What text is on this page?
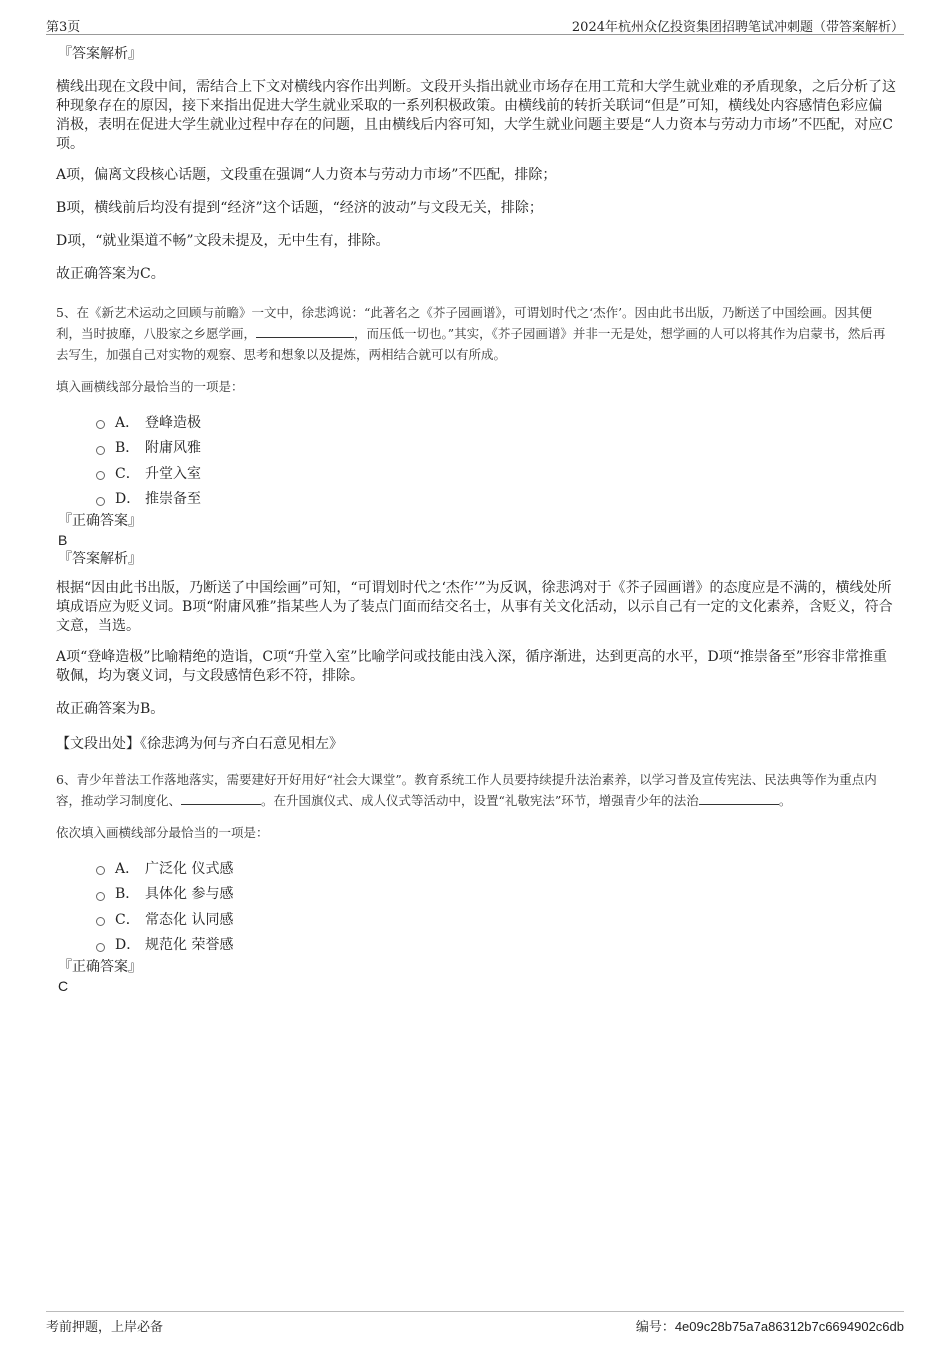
第3页	2024年杭州众亿投资集团招聘笔试冲刺题（带答案解析）
『答案解析』

横线出现在文段中间，需结合上下文对横线内容作出判断。文段开头指出就业市场存在用工荒和大学生就业难的矛盾现象，之后分析了这种现象存在的原因，接下来指出促进大学生就业采取的一系列积极政策。由横线前的转折关联词“但是”可知，横线处内容感情色彩应偏消极，表明在促进大学生就业过程中存在的问题，且由横线后内容可知，大学生就业问题主要是“人力资本与劳动力市场”不匹配，对应C项。

A项，偏离文段核心话题，文段重在强调“人力资本与劳动力市场”不匹配，排除；

B项，横线前后均没有提到“经济”这个话题，“经济的波动”与文段无关，排除；

D项，“就业渠道不畅”文段未提及，无中生有，排除。

故正确答案为C。

5、在《新艺术运动之回顾与前瞻》一文中，徐悲鸿说：“此著名之《芥子园画谱》，可谓划时代之‘杰作’。因由此书出版，乃断送了中国绘画。因其便利，当时披靡，八股家之乡愿学画，	，而压低一切也。”其实，《芥子园画谱》并非一无是处，想学画的人可以将其作为启蒙书，然后再去写生，加强自己对实物的观察、思考和想象以及提炼，两相结合就可以有所成。

填入画横线部分最恰当的一项是：

A． 登峰造极
B． 附庸风雅
C． 升堂入室
D． 推崇备至
『正确答案』
B
『答案解析』

根据“因由此书出版，乃断送了中国绘画”可知，“可谓划时代之‘杰作’”为反讽，徐悲鸿对于《芥子园画谱》的态度应是不满的，横线处所填成语应为贬义词。B项“附庸风雅”指某些人为了装点门面而结交名士，从事有关文化活动，以示自己有一定的文化素养，含贬义，符合文意，当选。

A项“登峰造极”比喻精绝的造诣，C项“升堂入室”比喻学问或技能由浅入深，循序渐进，达到更高的水平，D项“推崇备至”形容非常推重敬佩，均为褒义词，与文段感情色彩不符，排除。

故正确答案为B。

【文段出处】《徐悲鸿为何与齐白石意见相左》

6、青少年普法工作落地落实，需要建好开好用好“社会大课堂”。教育系统工作人员要持续提升法治素养，以学习普及宣传宪法、民法典等作为重点内容，推动学习制度化、	。在升国旗仪式、成人仪式等活动中，设置“礼敬宪法”环节，增强青少年的法治	。

依次填入画横线部分最恰当的一项是：

A． 广泛化 仪式感
B． 具体化 参与感
C． 常态化 认同感
D． 规范化 荣誉感
『正确答案』
C
考前押题，上岸必备	编号：4e09c28b75a7a86312b7c6694902c6db
